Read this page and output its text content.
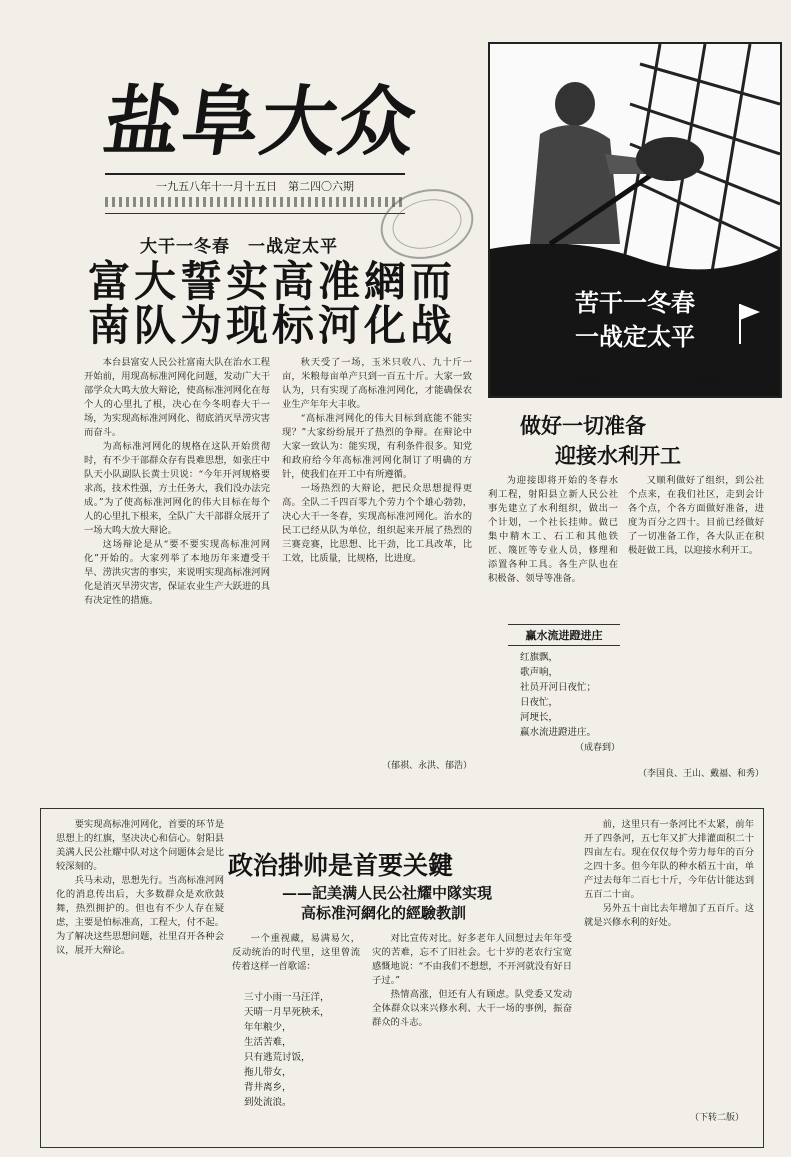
盐阜大众
一九五八年十一月十五日　第二四〇六期
大干一冬春　一战定太平
富
南
大
队
誓
为
实
现
高
标
准
河
網
化
而
战

本台县富安人民公社富南大队在治水工程开始前，用现高标准河网化问题，发动广大干部学众大鸣大放大辩论，使高标准河网化在每个人的心里扎了根，决心在今冬明春大干一场，为实现高标准河网化、彻底消灭旱涝灾害而奋斗。

为高标准河网化的规格在这队开始贯彻时，有不少干部群众存有畏难思想，如张庄中队天小队副队长黄士贝说：“今年开河规格要求高，技术性强，方土任务大，我们没办法完成。”为了使高标准河网化的伟大目标在每个人的心里扎下根来，全队广大干部群众展开了一场大鸣大放大辩论。

这场辩论是从“要不要实现高标准河网化”开始的。大家列举了本地历年来遭受干旱、涝洪灾害的事实，来说明实现高标准河网化是消灭旱涝灾害，保证农业生产大跃进的具有决定性的措施。

秋天受了一场，玉米只收八、九十斤一亩，米粮每亩单产只到一百五十斤。大家一致认为，只有实现了高标准河网化，才能确保农业生产年年大丰收。

“高标准河网化的伟大目标到底能不能实现？”大家纷纷展开了热烈的争辩。在辩论中大家一致认为：能实现，有利条件很多。知党和政府给今年高标准河网化制订了明确的方针，使我们在开工中有所遵循。

一场热烈的大辩论，把民众思想提得更高。全队二千四百零九个劳力个个雄心勃勃，决心大干一冬春，实现高标准河网化。治水的民工已经从队为单位，组织起来开展了热烈的三赛竞赛，比思想、比干劲，比工具改革，比工效，比质量，比规格，比进度。

（郁祺、永洪、郁浩）
苦干一冬春
一战定太平
（宣传画）	乃荐鲁
做好一切准备
迎接水利开工

为迎接即将开始的冬春水利工程，射阳县立新人民公社事先建立了水利组织，做出一个计划，一个社长挂帅。做已集中精木工、石工和其他铁匠、篾匠等专业人员，修理和添置各种工具。各生产队也在积极备、领导等准备。

又顺利做好了组织，到公社个点来，在我们社区，走到会计各个点，个各方面做好准备，进度为百分之四十。目前已经做好了一切准备工作，各大队正在积极赶做工具，以迎接水利开工。

（李国良、王山、戴福、和秀）
赢水流进蹬进庄
红旗飘，
歌声响，
社员开河日夜忙；
日夜忙，
河埂长，
赢水流进蹬进庄。
（成春到）
政治掛帅是首要关鍵
——記美满人民公社耀中隊实現
高标准河網化的經驗教訓

要实现高标准河网化，首要的环节是思想上的红旗，坚决决心和信心。射阳县美满人民公社耀中队对这个问题体会是比较深刻的。

兵马未动，思想先行。当高标准河网化的消息传出后，大多数群众是欢欣鼓舞，热烈拥护的。但也有不少人存在疑虑，主要是怕标准高，工程大，付不起。为了解决这些思想问题，社里召开各种会议，展开大辩论。

一个重视藏，易满易欠，反动统治的时代里，这里曾流传着这样一首歌谣：

三寸小雨一马汪洋，
天晴一月旱死秧禾，
年年粮少，
生活苦难，
只有逃荒讨饭，
拖儿带女，
背井离乡，
到处流浪。

对比宣传对比。好多老年人回想过去年年受灾的苦难，忘不了旧社会。七十岁的老农行宝宽感慨地说：“不由我们不想想，不开河就没有好日子过。”

热情高涨，但还有人有顾虑。队党委又发动全体群众以来兴修水利、大干一场的事例，振奋群众的斗志。

前，这里只有一条河比不太紧，前年开了四条河，五七年又扩大排灌面积二十四亩左右。现在仅仅每个劳力每年的百分之四十多。但今年队的种水稻五十亩，单产过去每年二百七十斤，今年估计能达到五百二十亩。

另外五十亩比去年增加了五百斤。这就是兴修水利的好处。

（下转二版）
